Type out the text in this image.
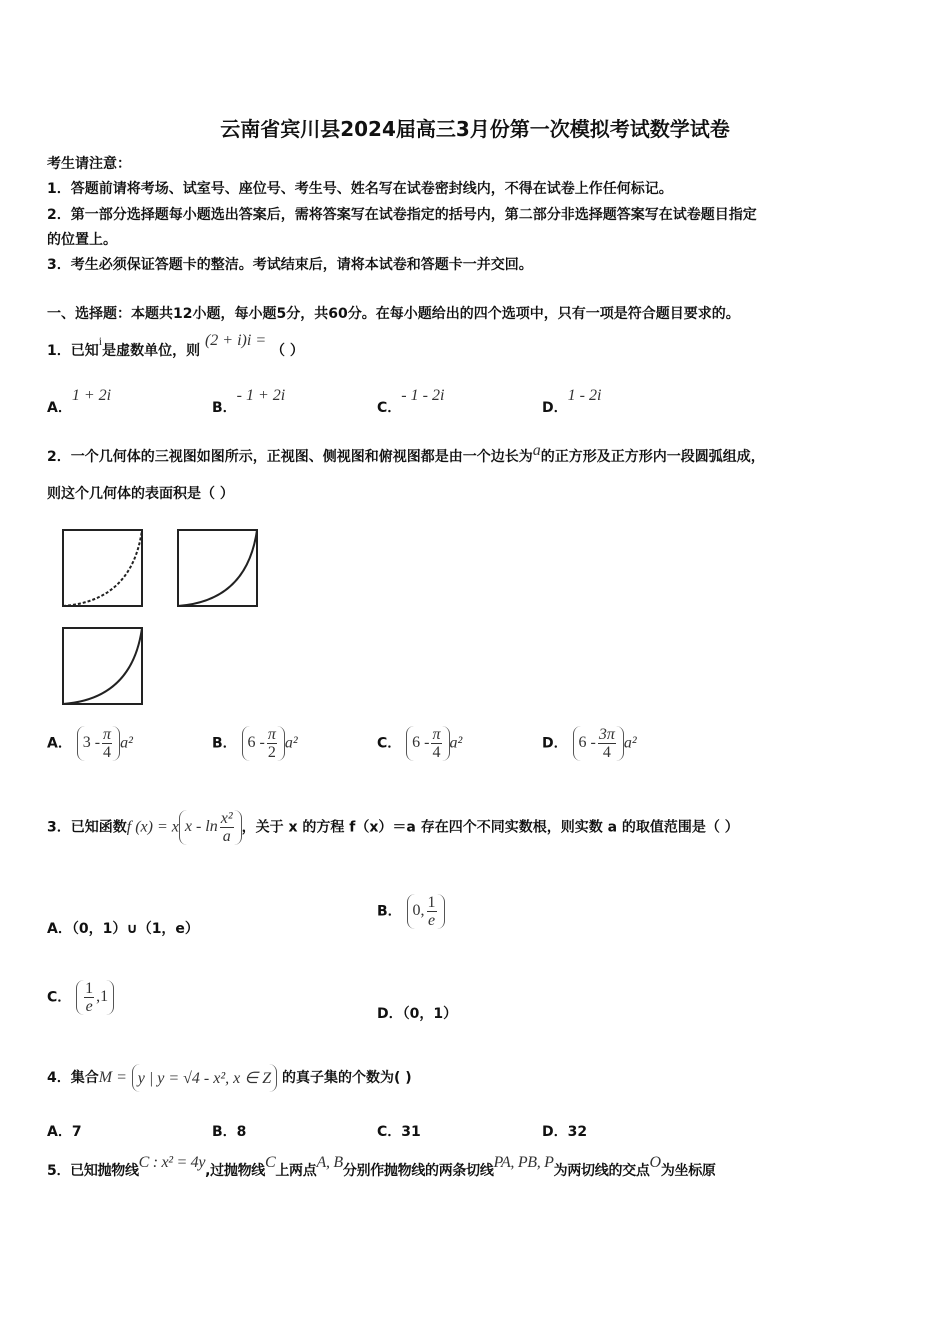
云南省宾川县2024届高三3月份第一次模拟考试数学试卷
考生请注意：
1．答题前请将考场、试室号、座位号、考生号、姓名写在试卷密封线内，不得在试卷上作任何标记。
2．第一部分选择题每小题选出答案后，需将答案写在试卷指定的括号内，第二部分非选择题答案写在试卷题目指定
的位置上。
3．考生必须保证答题卡的整洁。考试结束后，请将本试卷和答题卡一并交回。
一、选择题：本题共12小题，每小题5分，共60分。在每小题给出的四个选项中，只有一项是符合题目要求的。
1．已知i是虚数单位，则 (2 + i)i = （ ）
A．1 + 2i
B．- 1 + 2i
C．- 1 - 2i
D．1 - 2i
2．一个几何体的三视图如图所示，正视图、侧视图和俯视图都是由一个边长为a的正方形及正方形内一段圆弧组成，
则这个几何体的表面积是（ ）
A． $3 - \frac{\pi}{4} a^2$	B． $6 - \frac{\pi}{2} a^2$	C． $6 - \frac{\pi}{4} a^2$	D． $6 - \frac{3\pi}{4} a^2$
3．已知函数f (x) = x x - $\ln \frac{\text{x²}}{a}$ ，关于 x 的方程 f（x）＝a 存在四个不同实数根，则实数 a 的取值范围是（ ）
A．（0，1）∪（1，e）
B． 0, $\frac{1}{e}$
C． $\frac{1}{e} ,1$
D．（0，1）
4．集合M = y | y = √4 - x², x ∈ Z 的真子集的个数为( )
A．7	B．8	C．31	D．32
5．已知抛物线C : x² = 4y,过抛物线C上两点A, B分别作抛物线的两条切线PA, PB, P为两切线的交点O为坐标原
